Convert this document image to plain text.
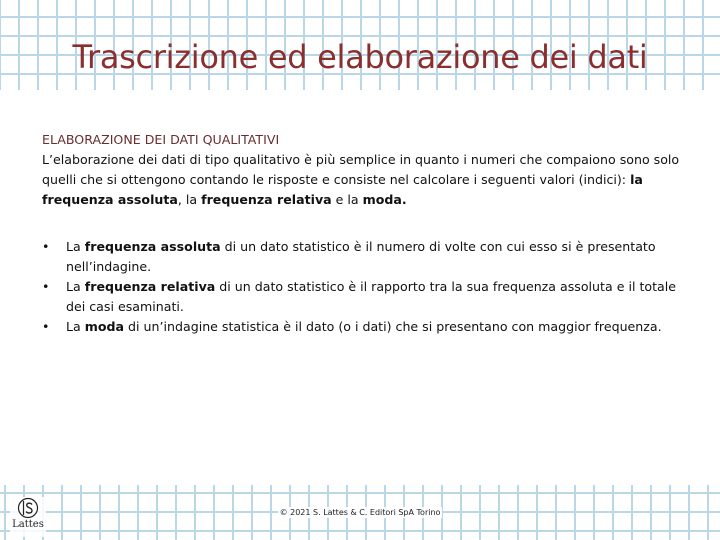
Trascrizione ed elaborazione dei dati
ELABORAZIONE DEI DATI QUALITATIVI

L’elaborazione dei dati di tipo qualitativo è più semplice in quanto i numeri che compaiono sono solo quelli che si ottengono contando le risposte e consiste nel calcolare i seguenti valori (indici): la frequenza assoluta, la frequenza relativa e la moda.

•	La frequenza assoluta di un dato statistico è il numero di volte con cui esso si è presentato nell’indagine.
•	La frequenza relativa di un dato statistico è il rapporto tra la sua frequenza assoluta e il totale dei casi esaminati.
•	La moda di un’indagine statistica è il dato (o i dati) che si presentano con maggior frequenza.
Lattes
© 2021 S. Lattes & C. Editori SpA Torino
